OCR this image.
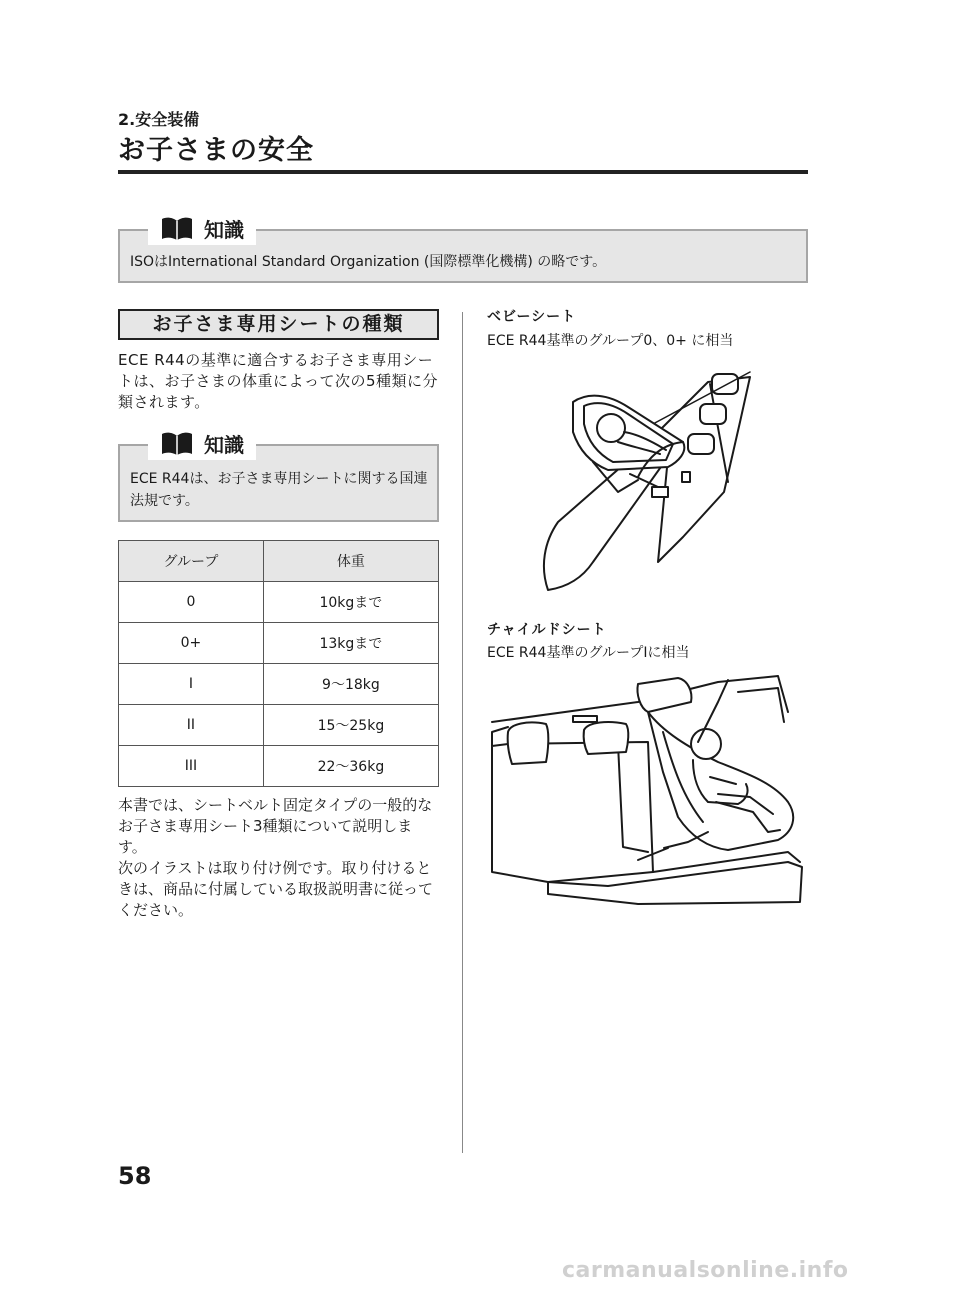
2.安全装備
お子さまの安全
知識
ISOはInternational Standard Organization (国際標準化機構) の略です。
お子さま専用シートの種類
ECE R44の基準に適合するお子さま専用シートは、お子さまの体重によって次の5種類に分類されます。
知識
ECE R44は、お子さま専用シートに関する国連法規です。
グループ	体重
0	10kgまで
0+	13kgまで
I	9～18kg
II	15～25kg
III	22～36kg
本書では、シートベルト固定タイプの一般的なお子さま専用シート3種類について説明します。
次のイラストは取り付け例です。取り付けるときは、商品に付属している取扱説明書に従ってください。
ベビーシート
ECE R44基準のグループ0、0+ に相当
チャイルドシート
ECE R44基準のグループIに相当
58
carmanualsonline.info
